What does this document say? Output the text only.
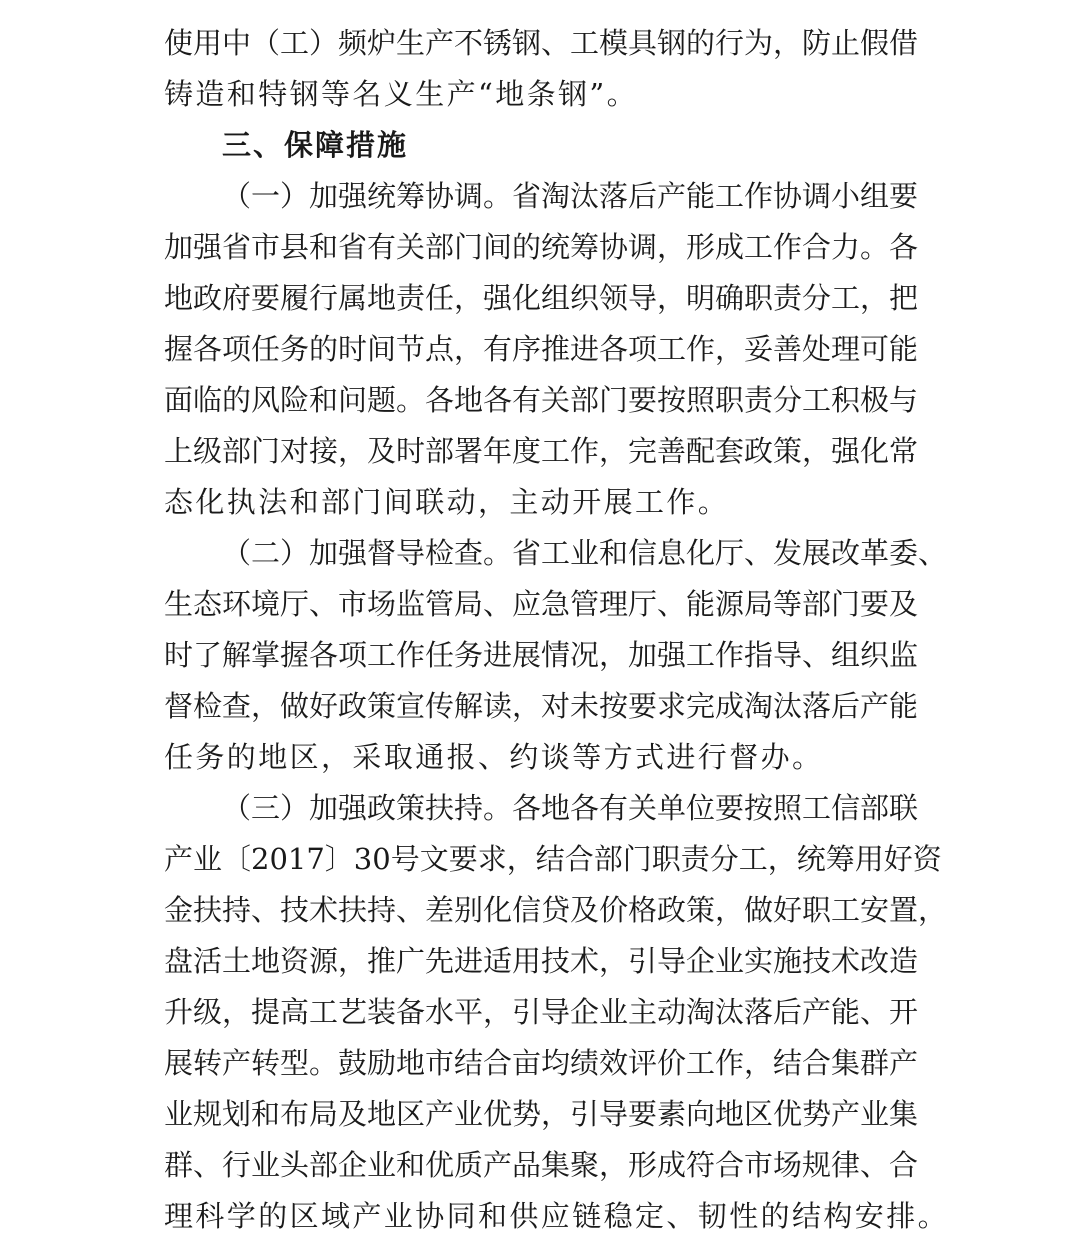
使用中（工）频炉生产不锈钢、工模具钢的行为，防止假借
铸造和特钢等名义生产“地条钢”。
三、保障措施
（一）加强统筹协调。省淘汰落后产能工作协调小组要
加强省市县和省有关部门间的统筹协调，形成工作合力。各
地政府要履行属地责任，强化组织领导，明确职责分工，把
握各项任务的时间节点，有序推进各项工作，妥善处理可能
面临的风险和问题。各地各有关部门要按照职责分工积极与
上级部门对接，及时部署年度工作，完善配套政策，强化常
态化执法和部门间联动，主动开展工作。
（二）加强督导检查。省工业和信息化厅、发展改革委、
生态环境厅、市场监管局、应急管理厅、能源局等部门要及
时了解掌握各项工作任务进展情况，加强工作指导、组织监
督检查，做好政策宣传解读，对未按要求完成淘汰落后产能
任务的地区，采取通报、约谈等方式进行督办。
（三）加强政策扶持。各地各有关单位要按照工信部联
产业〔2017〕30号文要求，结合部门职责分工，统筹用好资
金扶持、技术扶持、差别化信贷及价格政策，做好职工安置，
盘活土地资源，推广先进适用技术，引导企业实施技术改造
升级，提高工艺装备水平，引导企业主动淘汰落后产能、开
展转产转型。鼓励地市结合亩均绩效评价工作，结合集群产
业规划和布局及地区产业优势，引导要素向地区优势产业集
群、行业头部企业和优质产品集聚，形成符合市场规律、合
理科学的区域产业协同和供应链稳定、韧性的结构安排。
